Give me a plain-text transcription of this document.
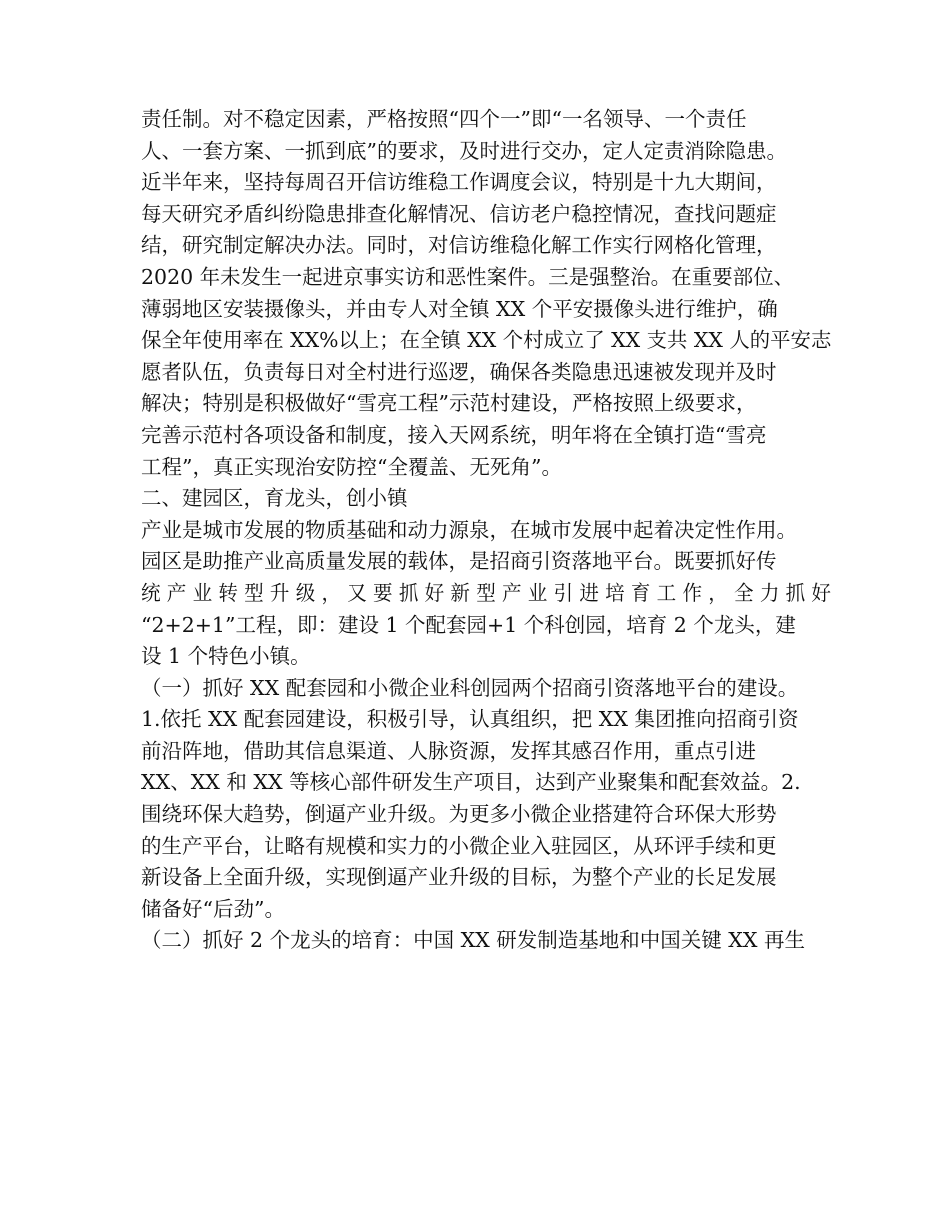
责任制。对不稳定因素，严格按照“四个一”即“一名领导、一个责任
人、一套方案、一抓到底”的要求，及时进行交办，定人定责消除隐患。
近半年来，坚持每周召开信访维稳工作调度会议，特别是十九大期间，
每天研究矛盾纠纷隐患排查化解情况、信访老户稳控情况，查找问题症
结，研究制定解决办法。同时，对信访维稳化解工作实行网格化管理，
2020 年未发生一起进京事实访和恶性案件。三是强整治。在重要部位、
薄弱地区安装摄像头，并由专人对全镇 XX 个平安摄像头进行维护，确
保全年使用率在 XX%以上；在全镇 XX 个村成立了 XX 支共 XX 人的平安志
愿者队伍，负责每日对全村进行巡逻，确保各类隐患迅速被发现并及时
解决；特别是积极做好“雪亮工程”示范村建设，严格按照上级要求，
完善示范村各项设备和制度，接入天网系统，明年将在全镇打造“雪亮
工程”，真正实现治安防控“全覆盖、无死角”。
二、建园区，育龙头，创小镇
产业是城市发展的物质基础和动力源泉，在城市发展中起着决定性作用。
园区是助推产业高质量发展的载体，是招商引资落地平台。既要抓好传
统 产 业 转 型 升 级 ， 又 要 抓 好 新 型 产 业 引 进 培 育 工 作 ， 全 力 抓 好
“2+2+1”工程，即：建设 1 个配套园+1 个科创园，培育 2 个龙头，建
设 1 个特色小镇。
（一）抓好 XX 配套园和小微企业科创园两个招商引资落地平台的建设。
1.依托 XX 配套园建设，积极引导，认真组织，把 XX 集团推向招商引资
前沿阵地，借助其信息渠道、人脉资源，发挥其感召作用，重点引进
XX、XX 和 XX 等核心部件研发生产项目，达到产业聚集和配套效益。2.
围绕环保大趋势，倒逼产业升级。为更多小微企业搭建符合环保大形势
的生产平台，让略有规模和实力的小微企业入驻园区，从环评手续和更
新设备上全面升级，实现倒逼产业升级的目标，为整个产业的长足发展
储备好“后劲”。
（二）抓好 2 个龙头的培育：中国 XX 研发制造基地和中国关键 XX 再生
